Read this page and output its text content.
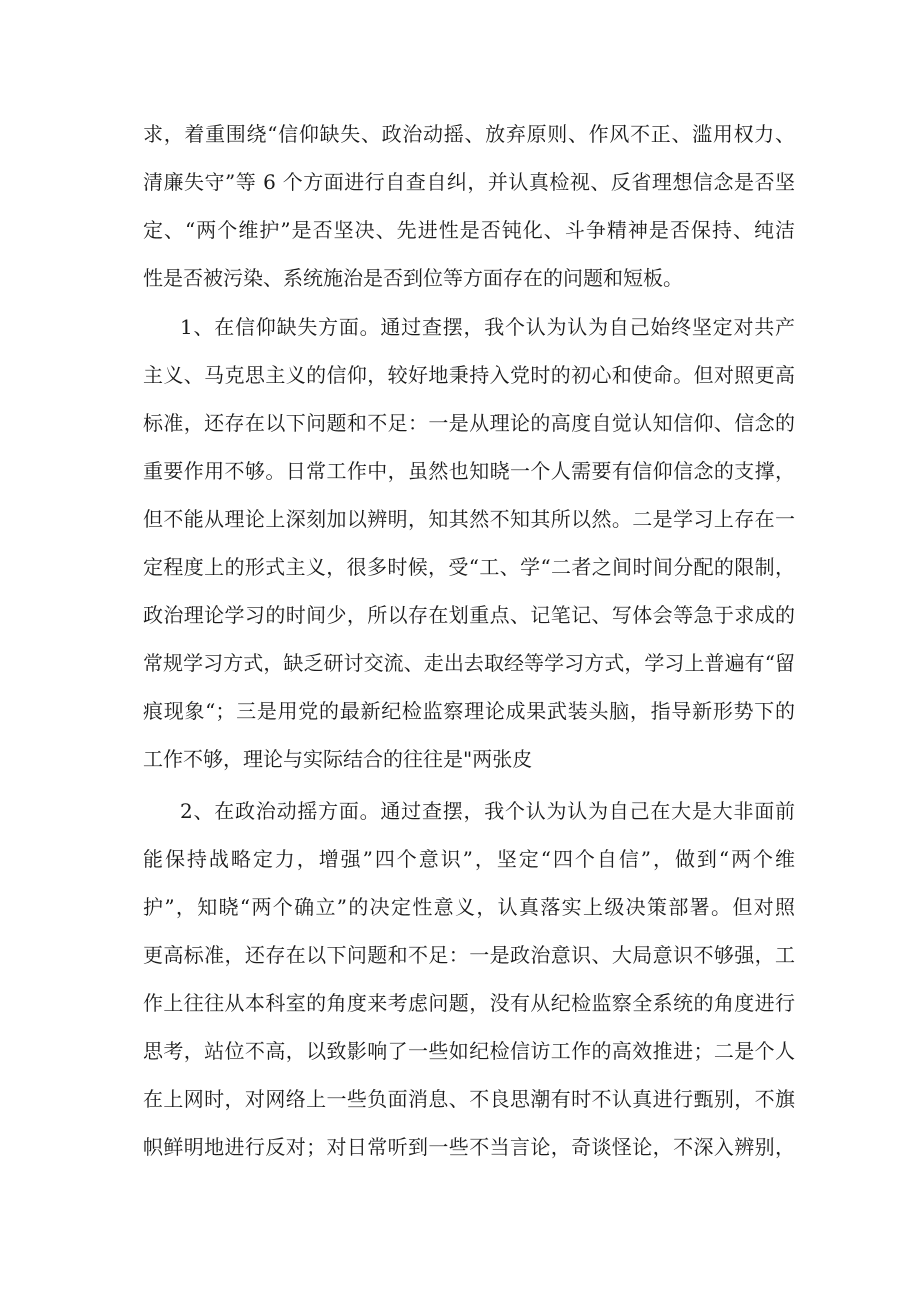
求，着重围绕“信仰缺失、政治动摇、放弃原则、作风不正、滥用权力、
清廉失守”等 6 个方面进行自查自纠，并认真检视、反省理想信念是否坚
定、“两个维护”是否坚决、先进性是否钝化、斗争精神是否保持、纯洁
性是否被污染、系统施治是否到位等方面存在的问题和短板。
1、在信仰缺失方面。通过查摆，我个认为认为自己始终坚定对共产
主义、马克思主义的信仰，较好地秉持入党时的初心和使命。但对照更高
标准，还存在以下问题和不足：一是从理论的高度自觉认知信仰、信念的
重要作用不够。日常工作中，虽然也知晓一个人需要有信仰信念的支撑，
但不能从理论上深刻加以辨明，知其然不知其所以然。二是学习上存在一
定程度上的形式主义，很多时候，受“工、学“二者之间时间分配的限制，
政治理论学习的时间少，所以存在划重点、记笔记、写体会等急于求成的
常规学习方式，缺乏研讨交流、走出去取经等学习方式，学习上普遍有“留
痕现象“；三是用党的最新纪检监察理论成果武装头脑，指导新形势下的
工作不够，理论与实际结合的往往是"两张皮
2、在政治动摇方面。通过查摆，我个认为认为自己在大是大非面前
能保持战略定力，增强”四个意识”，坚定“四个自信”，做到“两个维
护”，知晓“两个确立”的决定性意义，认真落实上级决策部署。但对照
更高标准，还存在以下问题和不足：一是政治意识、大局意识不够强，工
作上往往从本科室的角度来考虑问题，没有从纪检监察全系统的角度进行
思考，站位不高，以致影响了一些如纪检信访工作的高效推进；二是个人
在上网时，对网络上一些负面消息、不良思潮有时不认真进行甄别，不旗
帜鲜明地进行反对；对日常听到一些不当言论，奇谈怪论，不深入辨别，
